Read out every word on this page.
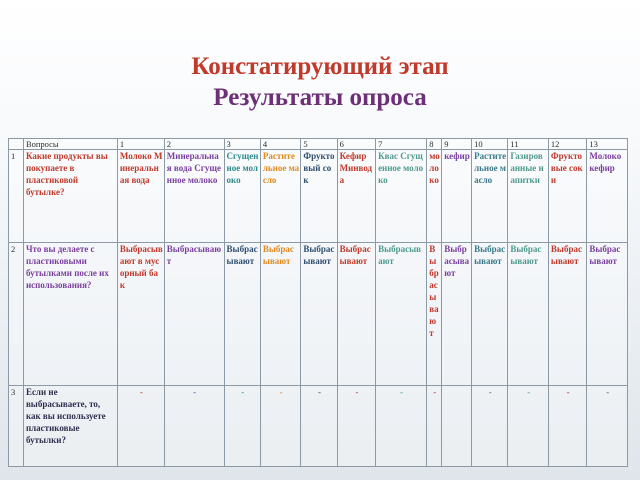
Констатирующий этап
Результаты опроса
	Вопросы	1	2	3	4	5	6	7	8	9	10	11	12	13
1	Какие продукты вы покупаете в пластиковой бутылке?	Молоко Минеральная вода	Минеральная вода Сгущенное молоко	Сгущенное молоко	Растительное масло	Фруктовый сок	Кефир Минвода	Квас Сгущенное молоко	молоко	кефир	Растительное масло	Газированные напитки	Фруктовые соки	Молоко кефир
2	Что вы делаете с пластиковыми бутылками после их использования?	Выбрасывают в мусорный бак	Выбрасывают	Выбрасывают	Выбрасывают	Выбрасывают	Выбрасывают	Выбрасывают	Выбрасывают	Выбрасывают	Выбрасывают	Выбрасывают	Выбрасывают	Выбрасывают
3	Если не выбрасываете, то, как вы используете пластиковые бутылки?	-	-	-	-	-	-	-	-		-	-	-	-
